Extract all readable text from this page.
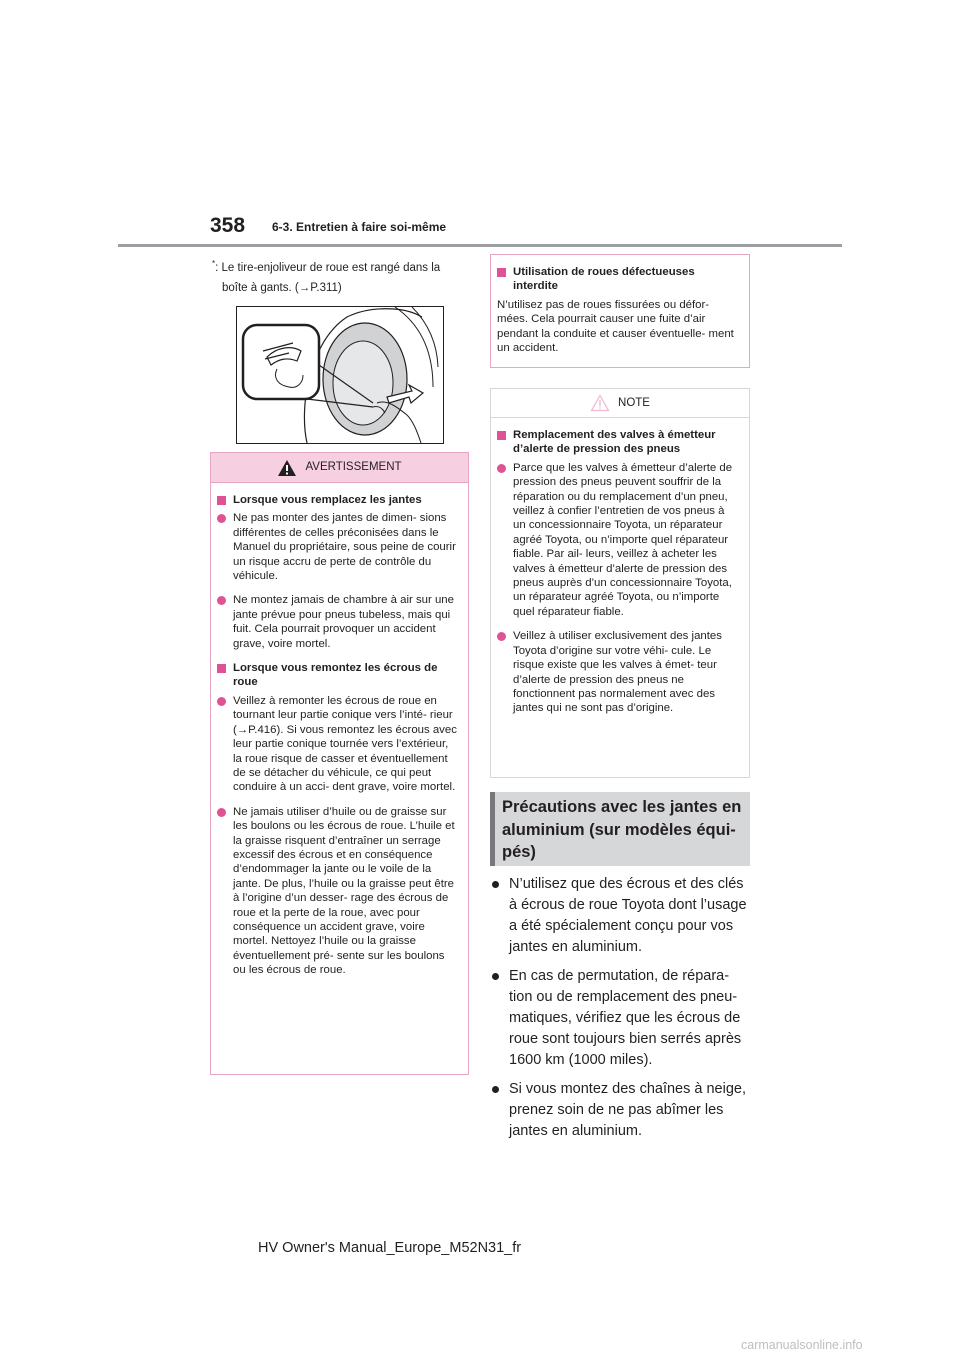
358 6-3. Entretien à faire soi-même
*: Le tire-enjoliveur de roue est rangé dans la
boîte à gants. (→P.311)
AVERTISSEMENT
Lorsque vous remplacez les jantes
Ne pas monter des jantes de dimen- sions différentes de celles préconisées dans le Manuel du propriétaire, sous peine de courir un risque accru de perte de contrôle du véhicule.
Ne montez jamais de chambre à air sur une jante prévue pour pneus tubeless, mais qui fuit. Cela pourrait provoquer un accident grave, voire mortel.
Lorsque vous remontez les écrous de roue
Veillez à remonter les écrous de roue en tournant leur partie conique vers l’inté- rieur (→P.416). Si vous remontez les écrous avec leur partie conique tournée vers l’extérieur, la roue risque de casser et éventuellement de se détacher du véhicule, ce qui peut conduire à un acci- dent grave, voire mortel.
Ne jamais utiliser d’huile ou de graisse sur les boulons ou les écrous de roue. L’huile et la graisse risquent d’entraîner un serrage excessif des écrous et en conséquence d’endommager la jante ou le voile de la jante. De plus, l’huile ou la graisse peut être à l’origine d’un desser- rage des écrous de roue et la perte de la roue, avec pour conséquence un accident grave, voire mortel. Nettoyez l’huile ou la graisse éventuellement pré- sente sur les boulons ou les écrous de roue.
Utilisation de roues défectueuses interdite
N’utilisez pas de roues fissurées ou défor- mées. Cela pourrait causer une fuite d’air pendant la conduite et causer éventuelle- ment un accident.
NOTE
Remplacement des valves à émetteur d’alerte de pression des pneus
Parce que les valves à émetteur d’alerte de pression des pneus peuvent souffrir de la réparation ou du remplacement d’un pneu, veillez à confier l’entretien de vos pneus à un concessionnaire Toyota, un réparateur agréé Toyota, ou n’importe quel réparateur fiable. Par ail- leurs, veillez à acheter les valves à émetteur d’alerte de pression des pneus auprès d’un concessionnaire Toyota, un réparateur agréé Toyota, ou n’importe quel réparateur fiable.
Veillez à utiliser exclusivement des jantes Toyota d’origine sur votre véhi- cule. Le risque existe que les valves à émet- teur d’alerte de pression des pneus ne fonctionnent pas normalement avec des jantes qui ne sont pas d’origine.
Précautions avec les jantes en aluminium (sur modèles équi- pés)
N’utilisez que des écrous et des clés à écrous de roue Toyota dont l’usage a été spécialement conçu pour vos jantes en aluminium.
En cas de permutation, de répara- tion ou de remplacement des pneu- matiques, vérifiez que les écrous de roue sont toujours bien serrés après 1600 km (1000 miles).
Si vous montez des chaînes à neige, prenez soin de ne pas abîmer les jantes en aluminium.
HV Owner's Manual_Europe_M52N31_fr
carmanualsonline.info
